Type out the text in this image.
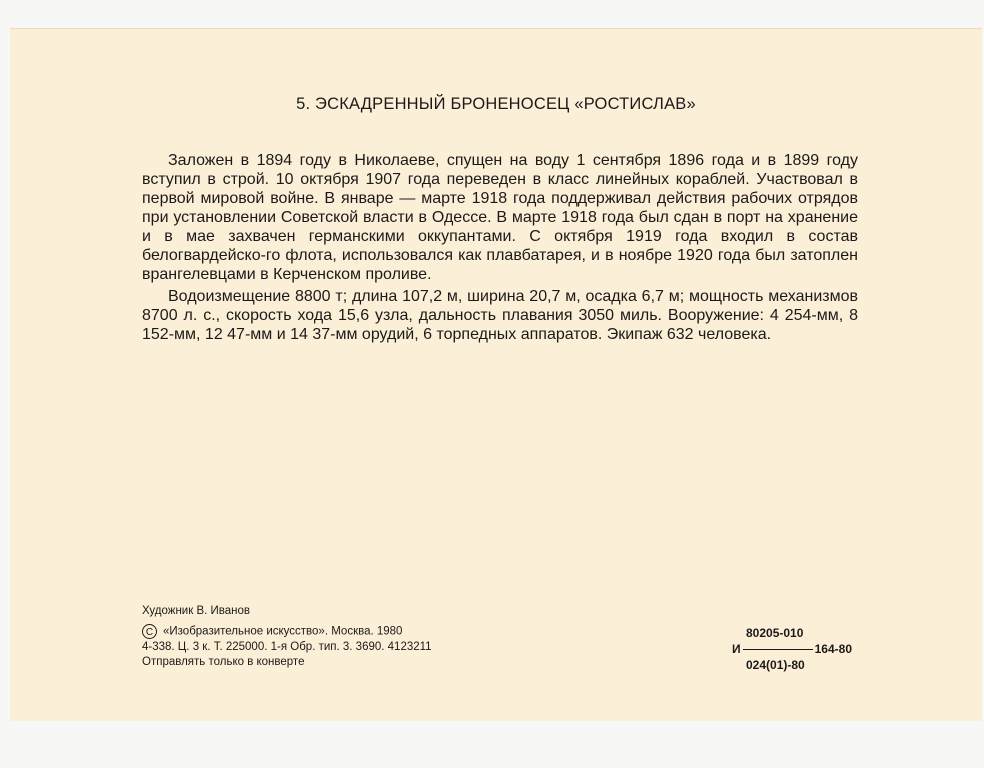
5. ЭСКАДРЕННЫЙ БРОНЕНОСЕЦ «РОСТИСЛАВ»

Заложен в 1894 году в Николаеве, спущен на воду 1 сентября 1896 года и в 1899 году вступил в строй. 10 октября 1907 года переведен в класс линейных кораблей. Участвовал в первой мировой войне. В январе — марте 1918 года поддерживал действия рабочих отрядов при установлении Советской власти в Одессе. В марте 1918 года был сдан в порт на хранение и в мае захвачен германскими оккупантами. С октября 1919 года входил в состав белогвардейско-го флота, использовался как плавбатарея, и в ноябре 1920 года был затоплен врангелевцами в Керченском проливе.

Водоизмещение 8800 т; длина 107,2 м, ширина 20,7 м, осадка 6,7 м; мощность механизмов 8700 л. с., скорость хода 15,6 узла, дальность плавания 3050 миль. Вооружение: 4 254-мм, 8 152-мм, 12 47-мм и 14 37-мм орудий, 6 торпедных аппаратов. Экипаж 632 человека.

Художник В. Иванов
C «Изобразительное искусство». Москва. 1980
4-338. Ц. 3 к. Т. 225000. 1-я Обр. тип. 3. 3690. 4123211
Отправлять только в конверте
80205-010
И	164-80
024(01)-80
